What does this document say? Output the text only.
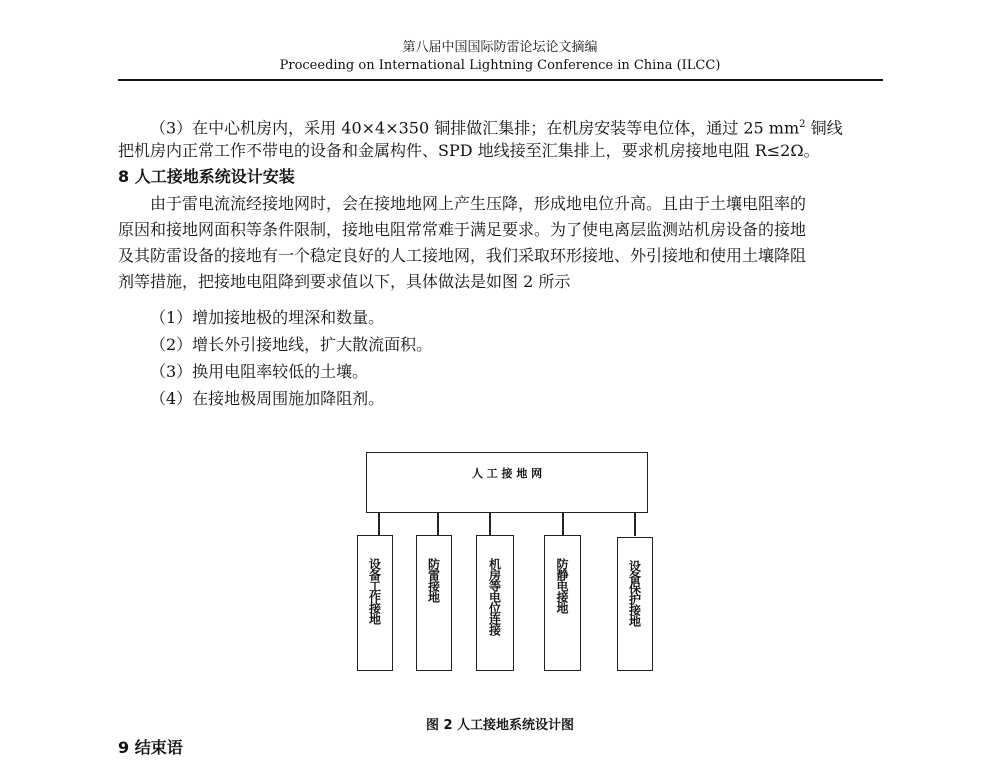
第八届中国国际防雷论坛论文摘编
Proceeding on International Lightning Conference in China (ILCC)
（3）在中心机房内，采用 40×4×350 铜排做汇集排；在机房安装等电位体，通过 25 $mm^2$ 铜线
把机房内正常工作不带电的设备和金属构件、SPD 地线接至汇集排上，要求机房接地电阻 R≤2Ω。
8 人工接地系统设计安装
由于雷电流流经接地网时，会在接地地网上产生压降，形成地电位升高。且由于土壤电阻率的
原因和接地网面积等条件限制，接地电阻常常难于满足要求。为了使电离层监测站机房设备的接地
及其防雷设备的接地有一个稳定良好的人工接地网，我们采取环形接地、外引接地和使用土壤降阻
剂等措施，把接地电阻降到要求值以下，具体做法是如图 2 所示
（1）增加接地极的埋深和数量。
（2）增长外引接地线，扩大散流面积。
（3）换用电阻率较低的土壤。
（4）在接地极周围施加降阻剂。
人 工 接 地 网
设备工作接地	防雷接地	机房等电位连接	防静电接地	设备保护接地
图 2 人工接地系统设计图
9 结束语
